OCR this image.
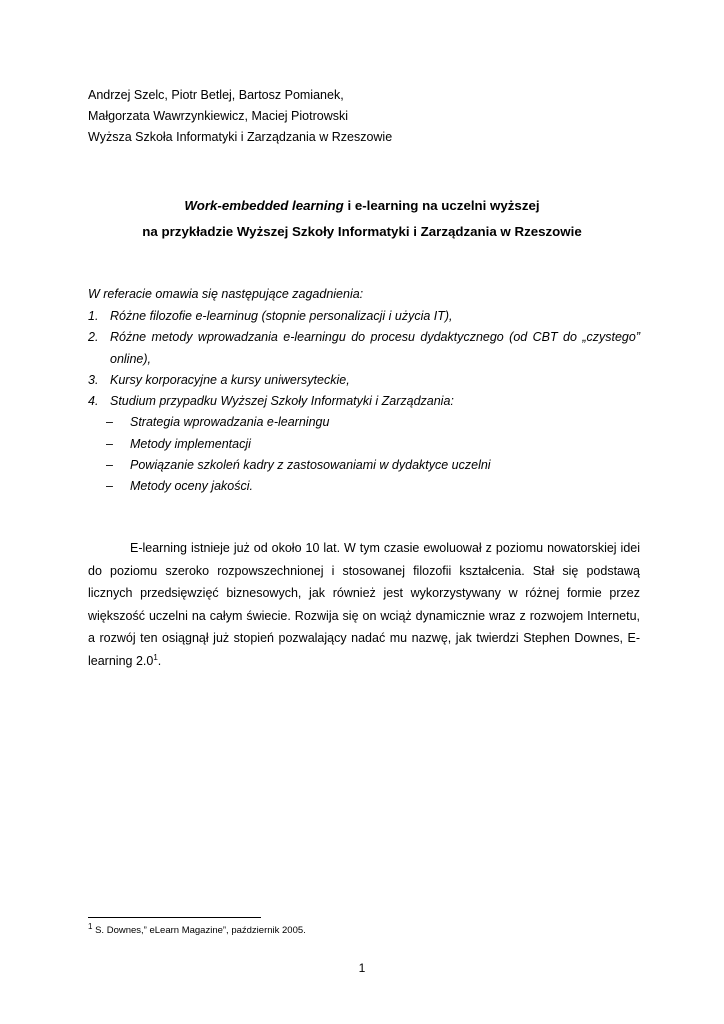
Andrzej Szelc, Piotr Betlej, Bartosz Pomianek,
Małgorzata Wawrzynkiewicz, Maciej Piotrowski
Wyższa Szkoła Informatyki i Zarządzania w Rzeszowie
Work-embedded learning i e-learning na uczelni wyższej
na przykładzie Wyższej Szkoły Informatyki i Zarządzania w Rzeszowie
W referacie omawia się następujące zagadnienia:
1. Różne filozofie e-learninug (stopnie personalizacji i użycia IT),
2. Różne metody wprowadzania e-learningu do procesu dydaktycznego (od CBT do „czystego” online),
3. Kursy korporacyjne a kursy uniwersyteckie,
4. Studium przypadku Wyższej Szkoły Informatyki i Zarządzania:
–	Strategia wprowadzania e-learningu
–	Metody implementacji
–	Powiązanie szkoleń kadry z zastosowaniami w dydaktyce uczelni
–	Metody oceny jakości.
E-learning istnieje już od około 10 lat. W tym czasie ewoluował z poziomu nowatorskiej idei do poziomu szeroko rozpowszechnionej i stosowanej filozofii kształcenia. Stał się podstawą licznych przedsięwzięć biznesowych, jak również jest wykorzystywany w różnej formie przez większość uczelni na całym świecie. Rozwija się on wciąż dynamicznie wraz z rozwojem Internetu, a rozwój ten osiągnął już stopień pozwalający nadać mu nazwę, jak twierdzi Stephen Downes, E-learning $2.0^1$.
$^1$ S. Downes,” eLearn Magazine”, październik 2005.
1
